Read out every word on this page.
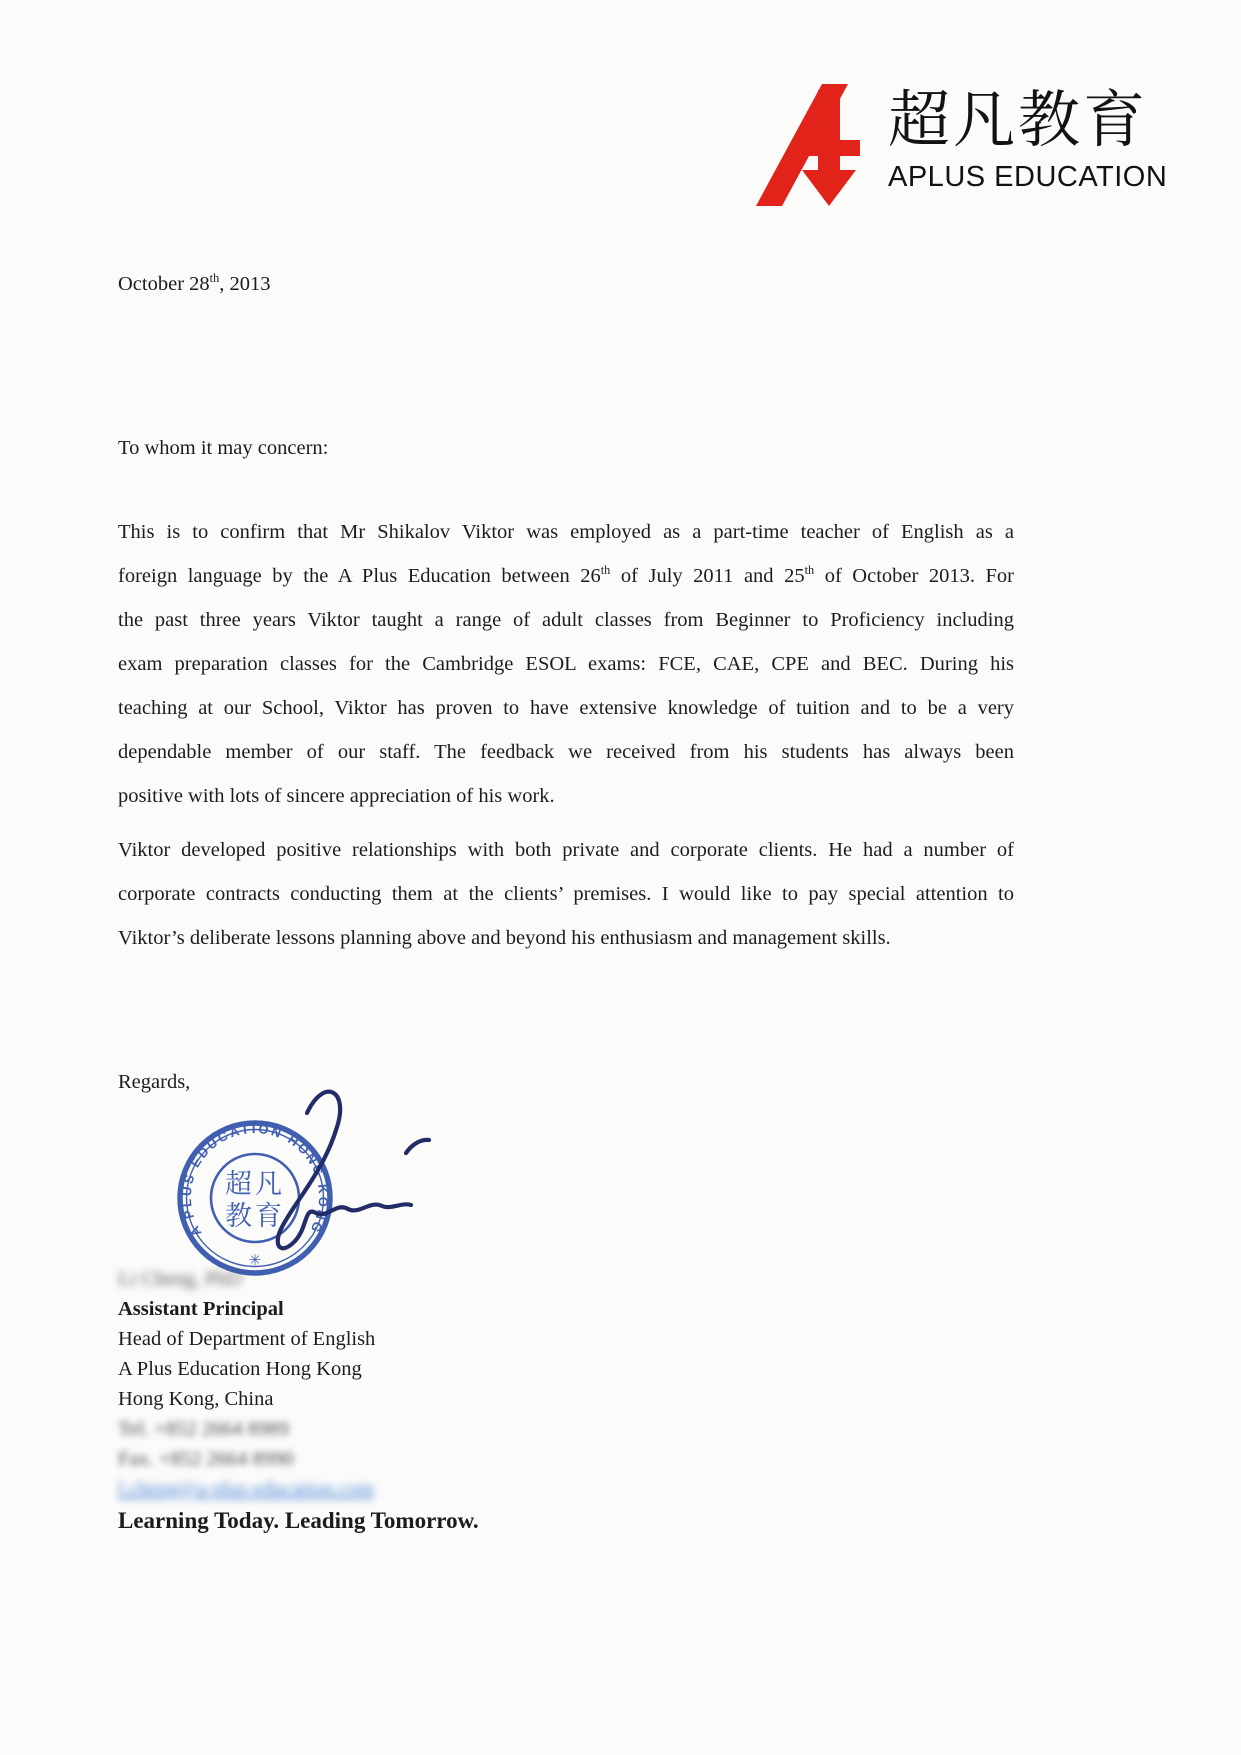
超凡教育
APLUS EDUCATION
October 28th, 2013
To whom it may concern:
This is to confirm that Mr Shikalov Viktor was employed as a part-time teacher of English as a
foreign language by the A Plus Education between 26th of July 2011 and 25th of October 2013. For
the past three years Viktor taught a range of adult classes from Beginner to Proficiency including
exam preparation classes for the Cambridge ESOL exams: FCE, CAE, CPE and BEC. During his
teaching at our School, Viktor has proven to have extensive knowledge of tuition and to be a very
dependable member of our staff. The feedback we received from his students has always been
positive with lots of sincere appreciation of his work.
Viktor developed positive relationships with both private and corporate clients. He had a number of
corporate contracts conducting them at the clients’ premises. I would like to pay special attention to
Viktor’s deliberate lessons planning above and beyond his enthusiasm and management skills.
Regards,
A PLUS EDUCATION HONG KONG
超凡
教育
✳
Li Cheng, PhD
Assistant Principal
Head of Department of English
A Plus Education Hong Kong
Hong Kong, China
Tel. +852 2664 8989
Fax. +852 2664 8990
l.cheng@a-plus-education.com
Learning Today. Leading Tomorrow.
